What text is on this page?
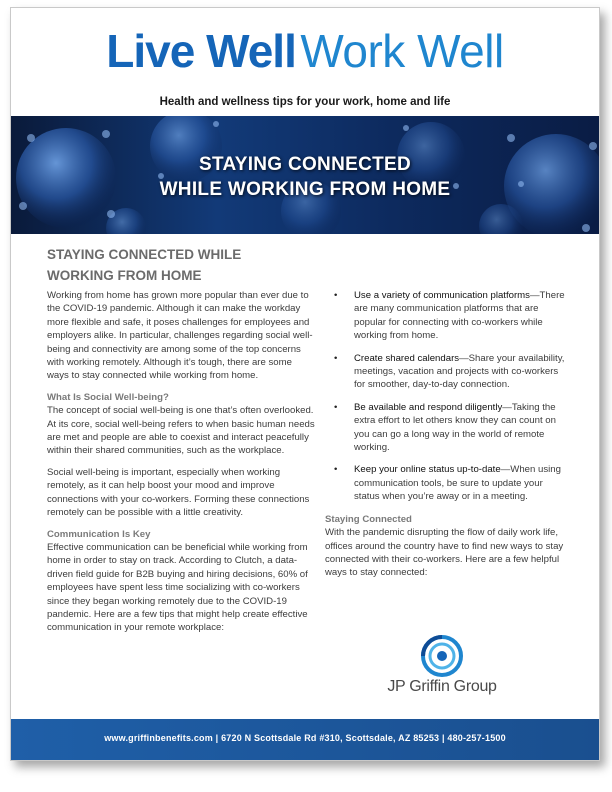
Live Well Work Well
Health and wellness tips for your work, home and life
STAYING CONNECTED
WHILE WORKING FROM HOME
STAYING CONNECTED WHILE
WORKING FROM HOME

Working from home has grown more popular than ever due to the COVID-19 pandemic. Although it can make the workday more flexible and safe, it poses challenges for employees and employers alike. In particular, challenges regarding social well-being and connectivity are among some of the top concerns with working remotely. Although it’s tough, there are some ways to stay connected while working from home.

What Is Social Well-being?

The concept of social well-being is one that’s often overlooked. At its core, social well-being refers to when basic human needs are met and people are able to coexist and interact peacefully within their shared communities, such as the workplace.

Social well-being is important, especially when working remotely, as it can help boost your mood and improve connections with your co-workers. Forming these connections remotely can be possible with a little creativity.

Communication Is Key

Effective communication can be beneficial while working from home in order to stay on track. According to Clutch, a data-driven field guide for B2B buying and hiring decisions, 60% of employees have spent less time socializing with co-workers since they began working remotely due to the COVID-19 pandemic. Here are a few tips that might help create effective communication in your remote workplace:

• Use a variety of communication platforms—There are many communication platforms that are popular for connecting with co-workers while working from home.
• Create shared calendars—Share your availability, meetings, vacation and projects with co-workers for smoother, day-to-day connection.
• Be available and respond diligently—Taking the extra effort to let others know they can count on you can go a long way in the world of remote working.
• Keep your online status up-to-date—When using communication tools, be sure to update your status when you’re away or in a meeting.
Staying Connected

With the pandemic disrupting the flow of daily work life, offices around the country have to find new ways to stay connected with their co-workers. Here are a few helpful ways to stay connected:

JP Griffin Group
www.griffinbenefits.com | 6720 N Scottsdale Rd #310, Scottsdale, AZ 85253 | 480-257-1500
